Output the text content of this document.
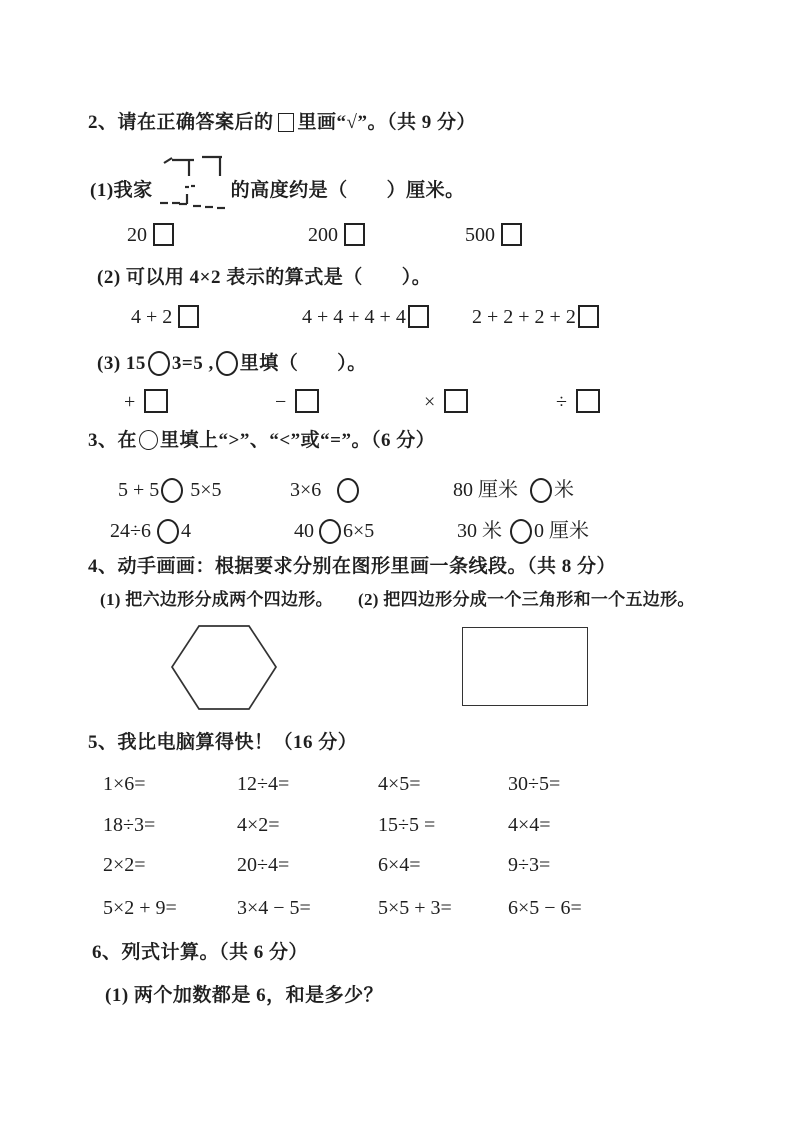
2、请在正确答案后的 里画“√”。（共 9 分）
(1)我家	的高度约是（　　）厘米。
20	200	500
(2) 可以用 4×2 表示的算式是（　　）。
4 + 2	4 + 4 + 4 + 4	2 + 2 + 2 + 2
(3) 15 3=5 , 里填（　　）。
+	−	×	÷
3、在 里填上“>”、“<”或“=”。（6 分）
5 + 5 5×5	3×6	80 厘米 米
24÷6 4	40 6×5	30 米 0 厘米
4、动手画画：根据要求分别在图形里画一条线段。（共 8 分）
(1) 把六边形分成两个四边形。 (2) 把四边形分成一个三角形和一个五边形。
5、我比电脑算得快！（16 分）
1×6=	12÷4=	4×5=	30÷5=
18÷3=	4×2=	15÷5 =	4×4=
2×2=	20÷4=	6×4=	9÷3=
5×2 + 9=	3×4 − 5=	5×5 + 3=	6×5 − 6=
6、列式计算。（共 6 分）
(1) 两个加数都是 6，和是多少？
